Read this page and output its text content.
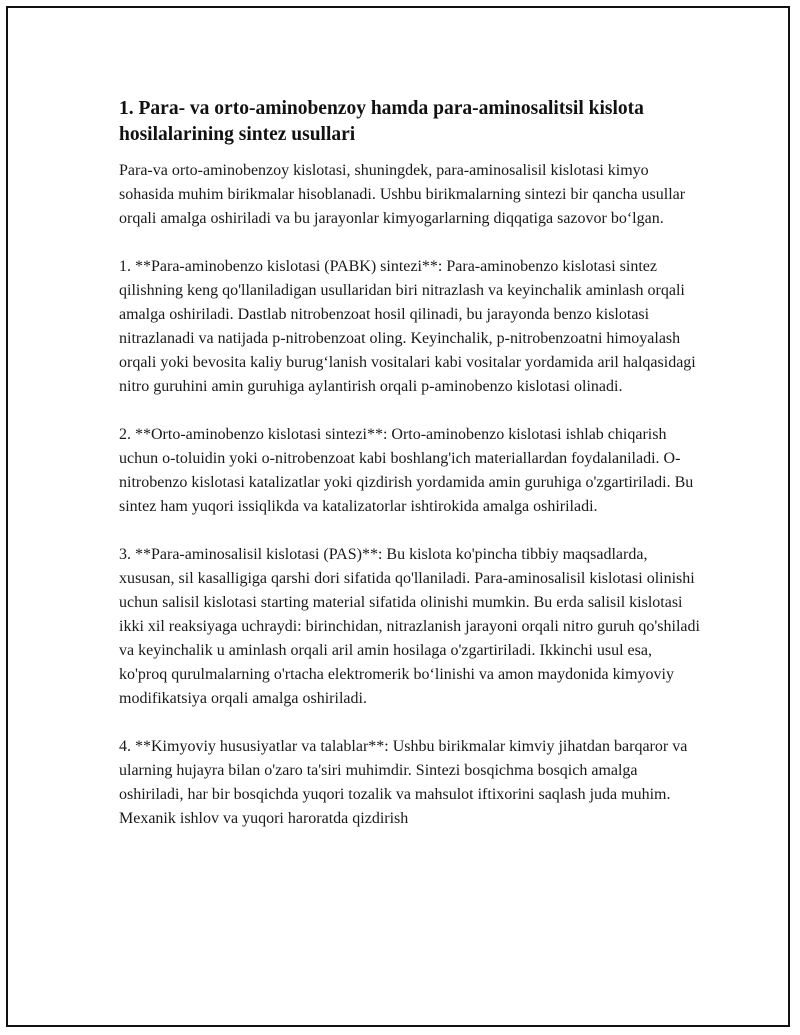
1. Para- va orto-aminobenzoy hamda para-aminosalitsil kislota hosilalarining sintez usullari

Para-va orto-aminobenzoy kislotasi, shuningdek, para-aminosalisil kislotasi kimyo sohasida muhim birikmalar hisoblanadi. Ushbu birikmalarning sintezi bir qancha usullar orqali amalga oshiriladi va bu jarayonlar kimyogarlarning diqqatiga sazovor bo‘lgan.

1. **Para-aminobenzo kislotasi (PABK) sintezi**: Para-aminobenzo kislotasi sintez qilishning keng qo'llaniladigan usullaridan biri nitrazlash va keyinchalik aminlash orqali amalga oshiriladi. Dastlab nitrobenzoat hosil qilinadi, bu jarayonda benzo kislotasi nitrazlanadi va natijada p-nitrobenzoat oling. Keyinchalik, p-nitrobenzoatni himoyalash orqali yoki bevosita kaliy burug‘lanish vositalari kabi vositalar yordamida aril halqasidagi nitro guruhini amin guruhiga aylantirish orqali p-aminobenzo kislotasi olinadi.

2. **Orto-aminobenzo kislotasi sintezi**: Orto-aminobenzo kislotasi ishlab chiqarish uchun o-toluidin yoki o-nitrobenzoat kabi boshlang'ich materiallardan foydalaniladi. O-nitrobenzo kislotasi katalizatlar yoki qizdirish yordamida amin guruhiga o'zgartiriladi. Bu sintez ham yuqori issiqlikda va katalizatorlar ishtirokida amalga oshiriladi.

3. **Para-aminosalisil kislotasi (PAS)**: Bu kislota ko'pincha tibbiy maqsadlarda, xususan, sil kasalligiga qarshi dori sifatida qo'llaniladi. Para-aminosalisil kislotasi olinishi uchun salisil kislotasi starting material sifatida olinishi mumkin. Bu erda salisil kislotasi ikki xil reaksiyaga uchraydi: birinchidan, nitrazlanish jarayoni orqali nitro guruh qo'shiladi va keyinchalik u aminlash orqali aril amin hosilaga o'zgartiriladi. Ikkinchi usul esa, ko'proq qurulmalarning o'rtacha elektromerik bo‘linishi va amon maydonida kimyoviy modifikatsiya orqali amalga oshiriladi.

4. **Kimyoviy hususiyatlar va talablar**: Ushbu birikmalar kimviy jihatdan barqaror va ularning hujayra bilan o'zaro ta'siri muhimdir. Sintezi bosqichma bosqich amalga oshiriladi, har bir bosqichda yuqori tozalik va mahsulot iftixorini saqlash juda muhim. Mexanik ishlov va yuqori haroratda qizdirish
